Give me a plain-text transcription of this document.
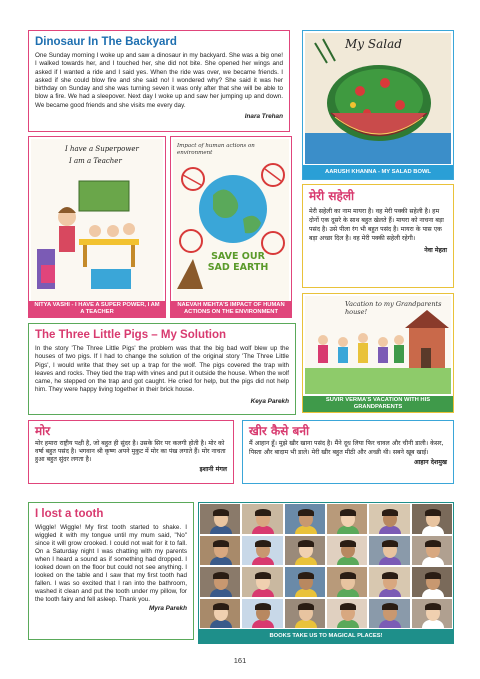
Dinosaur In The Backyard

One Sunday morning I woke up and saw a dinosaur in my backyard. She was a big one! I walked towards her, and I touched her, she did not bite. She opened her wings and asked if I wanted a ride and I said yes. When the ride was over, we became friends. I asked if she could blow fire and she said no! I wondered why? She said it was her birthday on Sunday and she was turning seven it was only after that she will be able to blow a fire. We had a sleepover. Next day I woke up and saw her jumping up and down. We became good friends and she visits me every day.

Inara Trehan
My Salad
AARUSH KHANNA - MY SALAD BOWL
I have a Superpower
I am a Teacher
NITYA VASHI - I HAVE A SUPER POWER, I AM A TEACHER
Impact of human actions on environment
SAVE OUR SAD EARTH
NAEVAH MEHTA'S IMPACT OF HUMAN ACTIONS ON THE ENVIRONMENT
मेरी सहेली

मेरी सहेली का नाम मायरा है। वह मेरी पक्की सहेली है। हम दोनों एक दूसरे के साथ बहुत खेलते हैं। मायरा को नाचना बड़ा पसंद है। उसे पीला रंग भी बहुत पसंद है। मायरा के पास एक बड़ा अच्छा दिल है। वह मेरी पक्की सहेली रहेगी।

नेवा मेहता
The Three Little Pigs – My Solution

In the story 'The Three Little Pigs' the problem was that the big bad wolf blew up the houses of two pigs. If I had to change the solution of the original story 'The Three Little Pigs', I would write that they set up a trap for the wolf. The pigs covered the trap with leaves and rocks. They tied the trap with vines and put it outside the house. When the wolf came, he stepped on the trap and got caught. He cried for help, but the pigs did not help him. They were happy living together in their brick house.

Keya Parekh
Vacation to my Grandparents house!
SUVIR VERMA'S VACATION WITH HIS GRANDPARENTS
मोर

मोर हमारा राष्ट्रीय पक्षी है, जो बहुत ही सुंदर है। उसके सिर पर कलगी होती है। मोर को वर्षा बहुत पसंद है। भगवान श्री कृष्ण अपने मुकुट में मोर का पंख लगाते हैं। मोर नाचता हुआ बहुत सुंदर लगता है।

इशानी मंगल
खीर कैसे बनी

मैं आहान हूँ। मुझे खीर खाना पसंद है। मैंने दूध लिया फिर चावल और चीनी डाली। केसर, पिस्ता और बादाम भी डाले। मेरी खीर बहुत मीठी और अच्छी थी। सबने खूब खाई।

आहान देशमुख
I lost a tooth

Wiggle! Wiggle! My first tooth started to shake. I wiggled it with my tongue until my mum said, "No" since it will grow crooked. I could not wait for it to fall. On a Saturday night I was chatting with my parents when I heard a sound as if something had dropped. I looked down on the floor but could not see anything. I looked on the table and I saw that my first tooth had fallen. I was so excited that I ran into the bathroom, washed it clean and put the tooth under my pillow, for the tooth fairy and fell asleep. Thank you.

Myra Parekh
BOOKS TAKE US TO MAGICAL PLACES!
161
